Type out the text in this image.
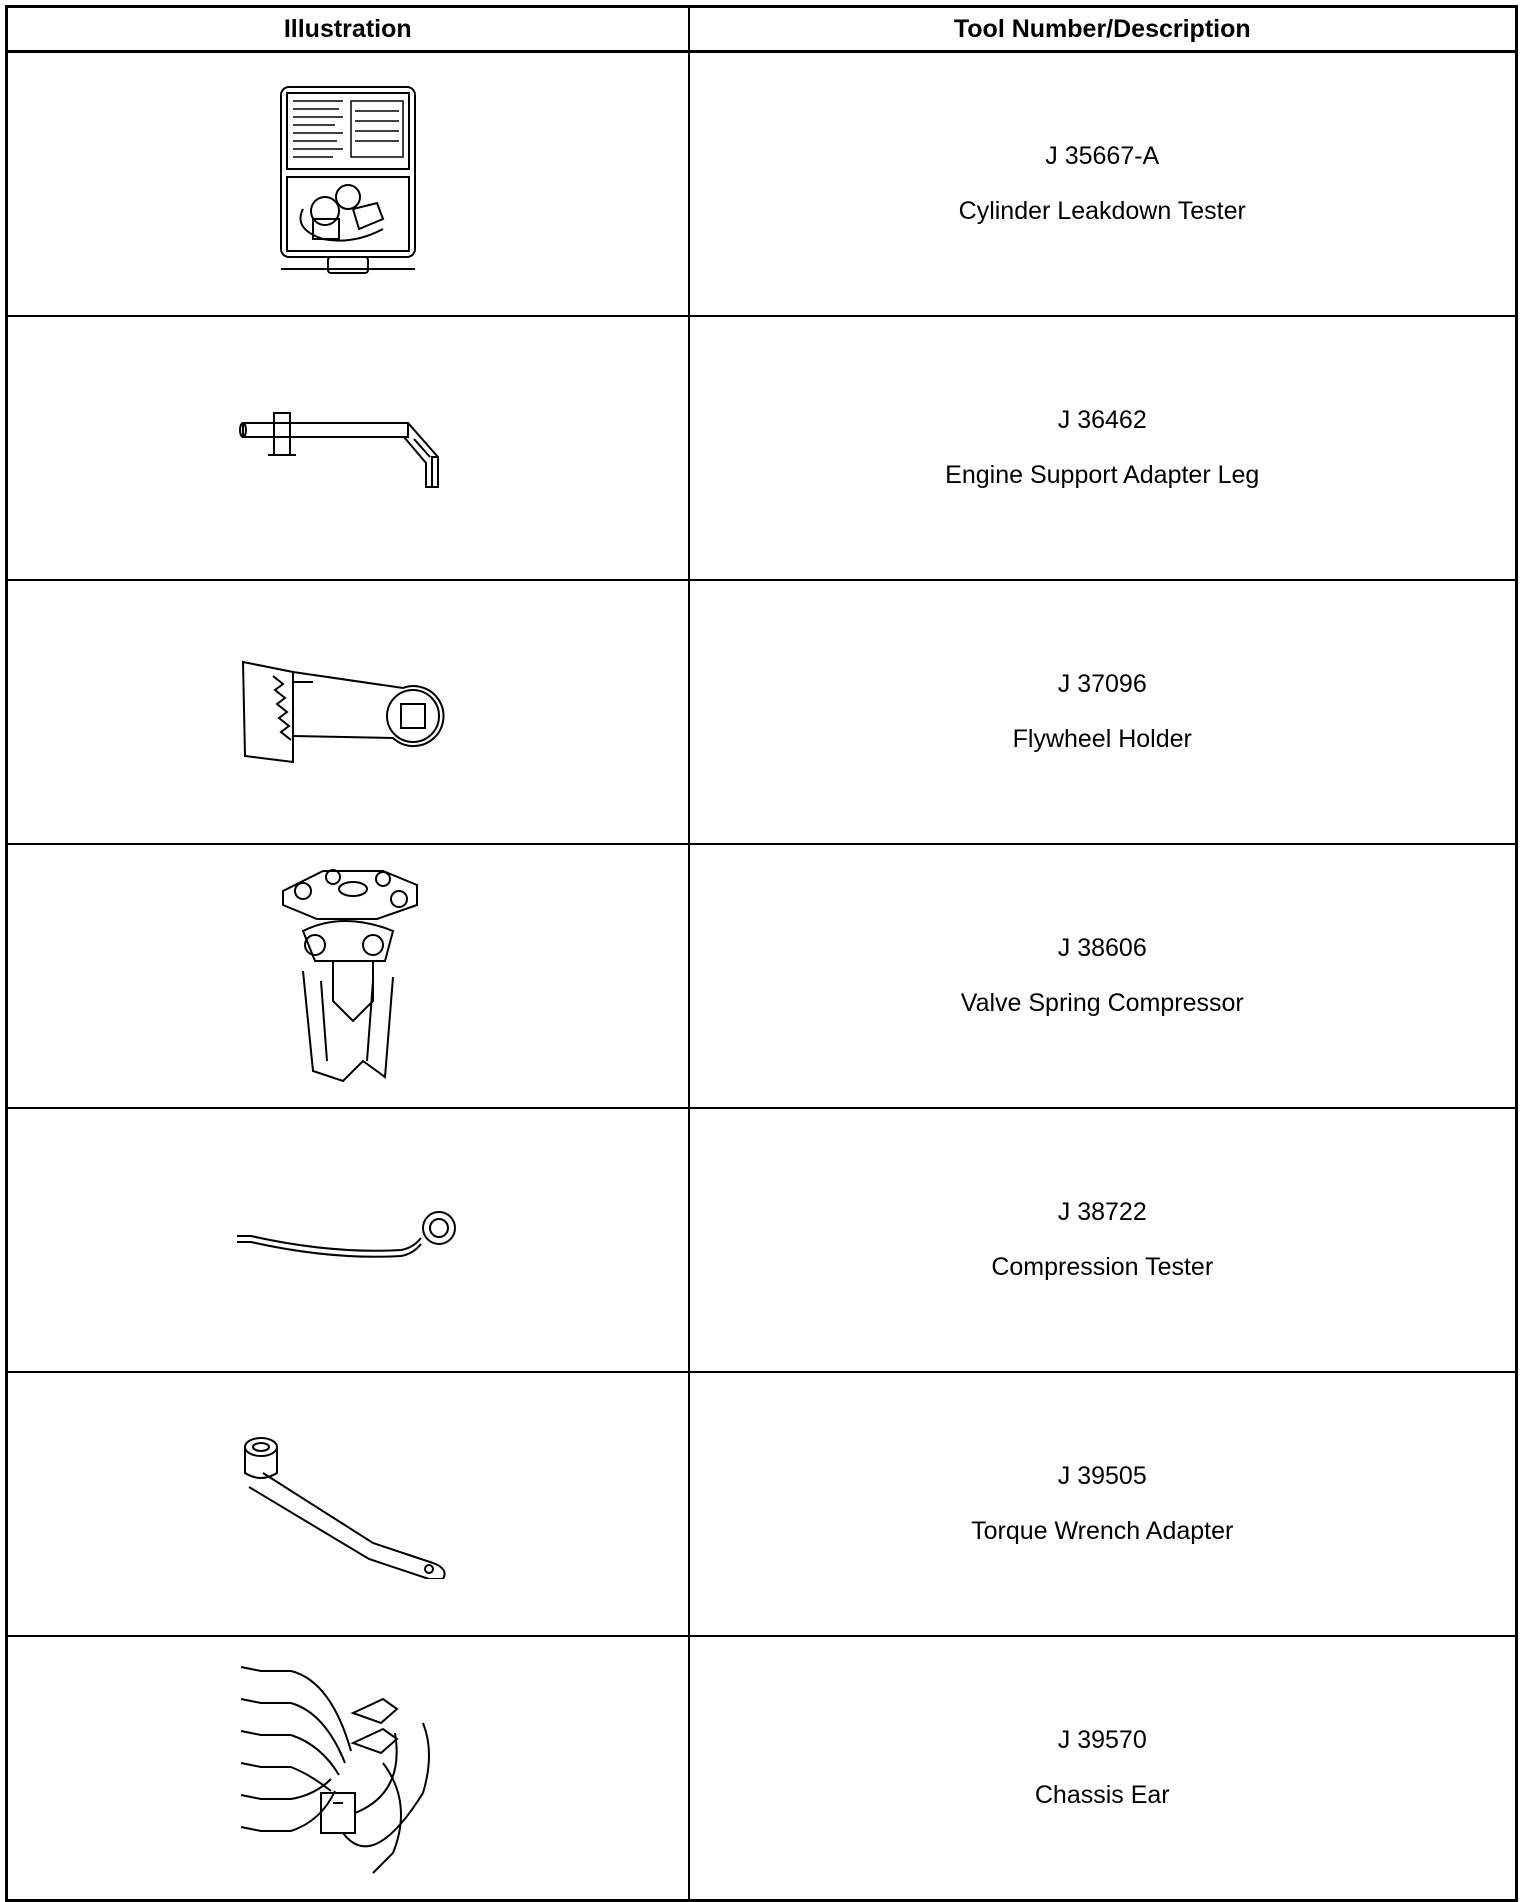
Illustration	Tool Number/Description

J 35667-A
Cylinder Leakdown Tester

J 36462
Engine Support Adapter Leg

J 37096
Flywheel Holder

J 38606
Valve Spring Compressor

J 38722
Compression Tester

J 39505
Torque Wrench Adapter

J 39570
Chassis Ear
